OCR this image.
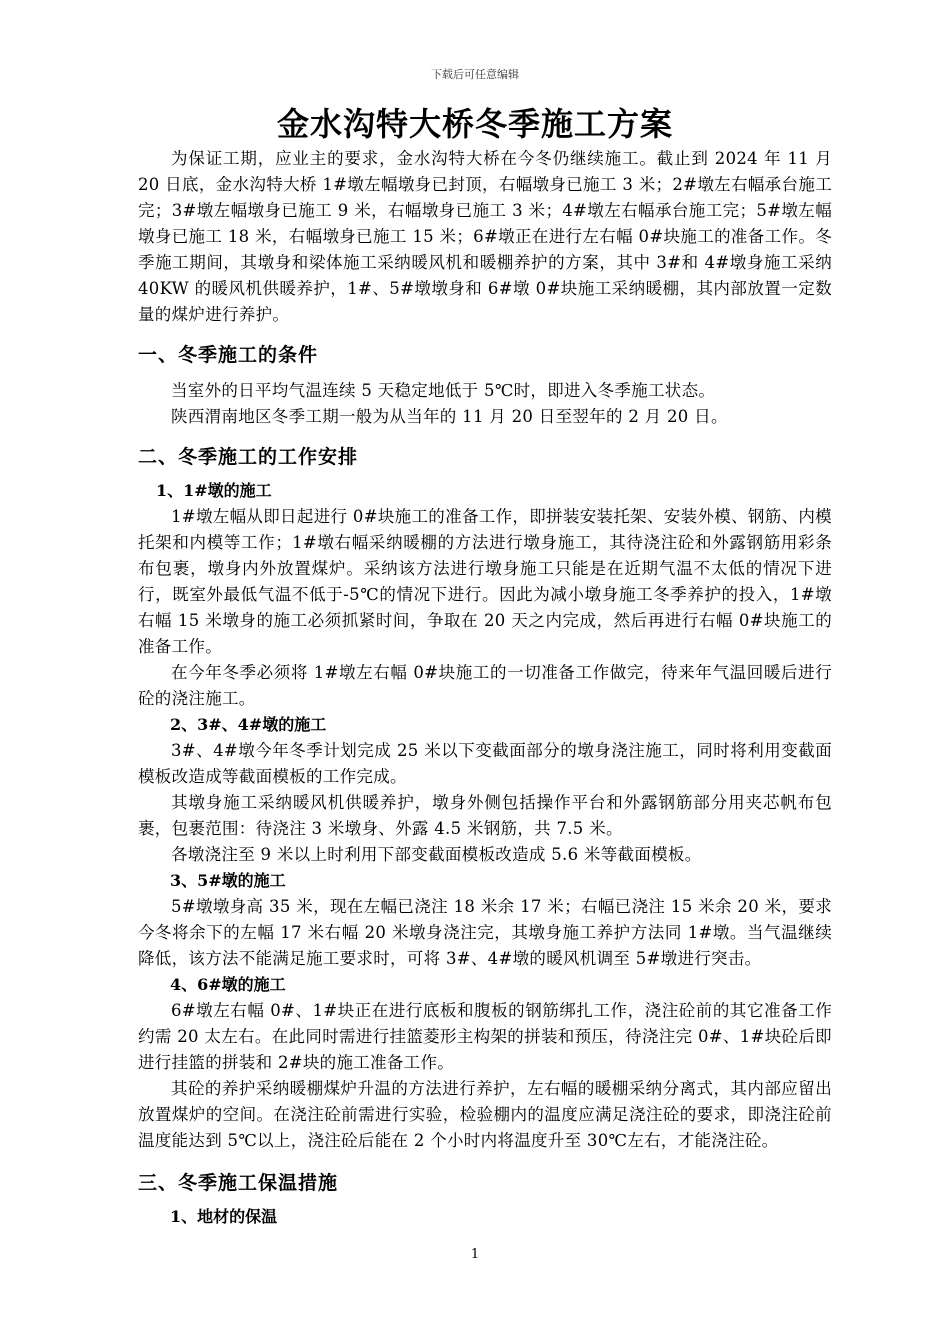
下载后可任意编辑
金水沟特大桥冬季施工方案

为保证工期，应业主的要求，金水沟特大桥在今冬仍继续施工。截止到 2024 年 11 月 20 日底，金水沟特大桥 1#墩左幅墩身已封顶，右幅墩身已施工 3 米；2#墩左右幅承台施工完；3#墩左幅墩身已施工 9 米，右幅墩身已施工 3 米；4#墩左右幅承台施工完；5#墩左幅墩身已施工 18 米，右幅墩身已施工 15 米；6#墩正在进行左右幅 0#块施工的准备工作。冬季施工期间，其墩身和梁体施工采纳暖风机和暖棚养护的方案，其中 3#和 4#墩身施工采纳 40KW 的暖风机供暖养护，1#、5#墩墩身和 6#墩 0#块施工采纳暖棚，其内部放置一定数量的煤炉进行养护。

一、冬季施工的条件

当室外的日平均气温连续 5 天稳定地低于 5℃时，即进入冬季施工状态。

陕西渭南地区冬季工期一般为从当年的 11 月 20 日至翌年的 2 月 20 日。

二、冬季施工的工作安排
1、1#墩的施工

1#墩左幅从即日起进行 0#块施工的准备工作，即拼装安装托架、安装外模、钢筋、内模托架和内模等工作；1#墩右幅采纳暖棚的方法进行墩身施工，其待浇注砼和外露钢筋用彩条布包裹，墩身内外放置煤炉。采纳该方法进行墩身施工只能是在近期气温不太低的情况下进行，既室外最低气温不低于-5℃的情况下进行。因此为减小墩身施工冬季养护的投入，1#墩右幅 15 米墩身的施工必须抓紧时间，争取在 20 天之内完成，然后再进行右幅 0#块施工的准备工作。

在今年冬季必须将 1#墩左右幅 0#块施工的一切准备工作做完，待来年气温回暖后进行砼的浇注施工。

2、3#、4#墩的施工

3#、4#墩今年冬季计划完成 25 米以下变截面部分的墩身浇注施工，同时将利用变截面模板改造成等截面模板的工作完成。

其墩身施工采纳暖风机供暖养护，墩身外侧包括操作平台和外露钢筋部分用夹芯帆布包裹，包裹范围：待浇注 3 米墩身、外露 4.5 米钢筋，共 7.5 米。

各墩浇注至 9 米以上时利用下部变截面模板改造成 5.6 米等截面模板。

3、5#墩的施工

5#墩墩身高 35 米，现在左幅已浇注 18 米余 17 米；右幅已浇注 15 米余 20 米，要求今冬将余下的左幅 17 米右幅 20 米墩身浇注完，其墩身施工养护方法同 1#墩。当气温继续降低，该方法不能满足施工要求时，可将 3#、4#墩的暖风机调至 5#墩进行突击。

4、6#墩的施工

6#墩左右幅 0#、1#块正在进行底板和腹板的钢筋绑扎工作，浇注砼前的其它准备工作约需 20 太左右。在此同时需进行挂篮菱形主构架的拼装和预压，待浇注完 0#、1#块砼后即进行挂篮的拼装和 2#块的施工准备工作。

其砼的养护采纳暖棚煤炉升温的方法进行养护，左右幅的暖棚采纳分离式，其内部应留出放置煤炉的空间。在浇注砼前需进行实验，检验棚内的温度应满足浇注砼的要求，即浇注砼前温度能达到 5℃以上，浇注砼后能在 2 个小时内将温度升至 30℃左右，才能浇注砼。

三、冬季施工保温措施
1、地材的保温
1
